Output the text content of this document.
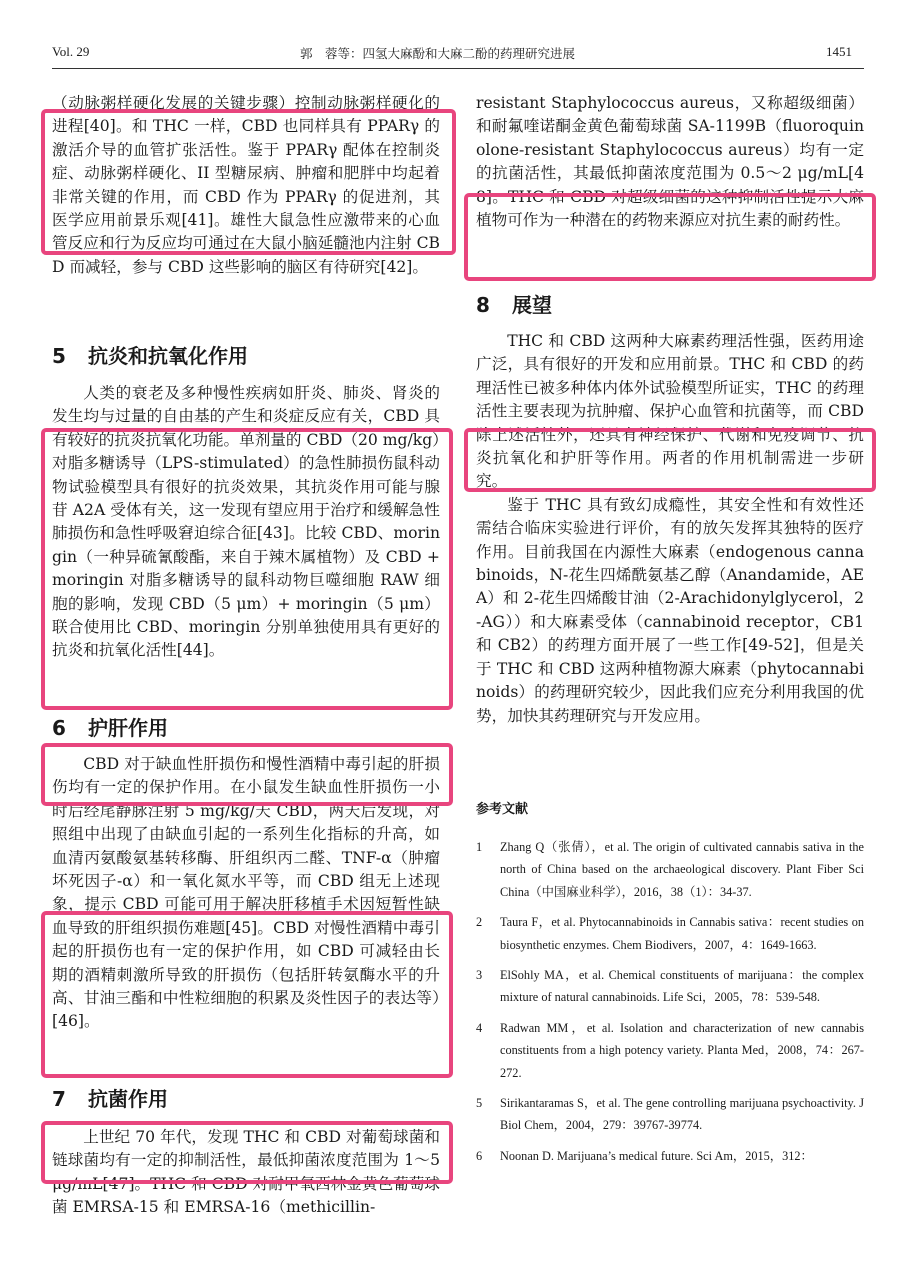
Vol. 29	郭　蓉等：四氢大麻酚和大麻二酚的药理研究进展	1451

（动脉粥样硬化发展的关键步骤）控制动脉粥样硬化的进程[40]。和 THC 一样，CBD 也同样具有 PPARγ 的激活介导的血管扩张活性。鉴于 PPARγ 配体在控制炎症、动脉粥样硬化、II 型糖尿病、肿瘤和肥胖中均起着非常关键的作用，而 CBD 作为 PPARγ 的促进剂，其医学应用前景乐观[41]。雄性大鼠急性应激带来的心血管反应和行为反应均可通过在大鼠小脑延髓池内注射 CBD 而减轻，参与 CBD 这些影响的脑区有待研究[42]。

5 抗炎和抗氧化作用

人类的衰老及多种慢性疾病如肝炎、肺炎、肾炎的发生均与过量的自由基的产生和炎症反应有关，CBD 具有较好的抗炎抗氧化功能。单剂量的 CBD（20 mg/kg）对脂多糖诱导（LPS-stimulated）的急性肺损伤鼠科动物试验模型具有很好的抗炎效果，其抗炎作用可能与腺苷 A2A 受体有关，这一发现有望应用于治疗和缓解急性肺损伤和急性呼吸窘迫综合征[43]。比较 CBD、moringin（一种异硫氰酸酯，来自于辣木属植物）及 CBD + moringin 对脂多糖诱导的鼠科动物巨噬细胞 RAW 细胞的影响，发现 CBD（5 μm）+ moringin（5 μm）联合使用比 CBD、moringin 分别单独使用具有更好的抗炎和抗氧化活性[44]。

6 护肝作用

CBD 对于缺血性肝损伤和慢性酒精中毒引起的肝损伤均有一定的保护作用。在小鼠发生缺血性肝损伤一小时后经尾静脉注射 5 mg/kg/天 CBD，两天后发现，对照组中出现了由缺血引起的一系列生化指标的升高，如血清丙氨酸氨基转移酶、肝组织丙二醛、TNF-α（肿瘤坏死因子-α）和一氧化氮水平等，而 CBD 组无上述现象，提示 CBD 可能可用于解决肝移植手术因短暂性缺血导致的肝组织损伤难题[45]。CBD 对慢性酒精中毒引起的肝损伤也有一定的保护作用，如 CBD 可减轻由长期的酒精刺激所导致的肝损伤（包括肝转氨酶水平的升高、甘油三酯和中性粒细胞的积累及炎性因子的表达等）[46]。

7 抗菌作用

上世纪 70 年代，发现 THC 和 CBD 对葡萄球菌和链球菌均有一定的抑制活性，最低抑菌浓度范围为 1～5 μg/mL[47]。THC 和 CBD 对耐甲氧西林金黄色葡萄球菌 EMRSA-15 和 EMRSA-16（methicillin-

resistant Staphylococcus aureus，又称超级细菌）和耐氟喹诺酮金黄色葡萄球菌 SA-1199B（fluoroquinolone-resistant Staphylococcus aureus）均有一定的抗菌活性，其最低抑菌浓度范围为 0.5～2 μg/mL[48]。THC 和 CBD 对超级细菌的这种抑制活性提示大麻植物可作为一种潜在的药物来源应对抗生素的耐药性。

8 展望

THC 和 CBD 这两种大麻素药理活性强，医药用途广泛，具有很好的开发和应用前景。THC 和 CBD 的药理活性已被多种体内体外试验模型所证实，THC 的药理活性主要表现为抗肿瘤、保护心血管和抗菌等，而 CBD 除上述活性外，还具有神经保护、代谢和免疫调节、抗炎抗氧化和护肝等作用。两者的作用机制需进一步研究。

鉴于 THC 具有致幻成瘾性，其安全性和有效性还需结合临床实验进行评价，有的放矢发挥其独特的医疗作用。目前我国在内源性大麻素（endogenous cannabinoids，N-花生四烯酰氨基乙醇（Anandamide，AEA）和 2-花生四烯酸甘油（2-Arachidonylglycerol，2-AG））和大麻素受体（cannabinoid receptor，CB1 和 CB2）的药理方面开展了一些工作[49-52]，但是关于 THC 和 CBD 这两种植物源大麻素（phytocannabinoids）的药理研究较少，因此我们应充分利用我国的优势，加快其药理研究与开发应用。

参考文献
1	Zhang Q（张倩），et al. The origin of cultivated cannabis sativa in the north of China based on the archaeological discovery. Plant Fiber Sci China（中国麻业科学），2016，38（1）：34-37.
2	Taura F，et al. Phytocannabinoids in Cannabis sativa：recent studies on biosynthetic enzymes. Chem Biodivers，2007，4：1649-1663.
3	ElSohly MA，et al. Chemical constituents of marijuana：the complex mixture of natural cannabinoids. Life Sci，2005，78：539-548.
4	Radwan MM，et al. Isolation and characterization of new cannabis constituents from a high potency variety. Planta Med，2008，74：267-272.
5	Sirikantaramas S，et al. The gene controlling marijuana psychoactivity. J Biol Chem，2004，279：39767-39774.
6	Noonan D. Marijuana’s medical future. Sci Am，2015，312：
